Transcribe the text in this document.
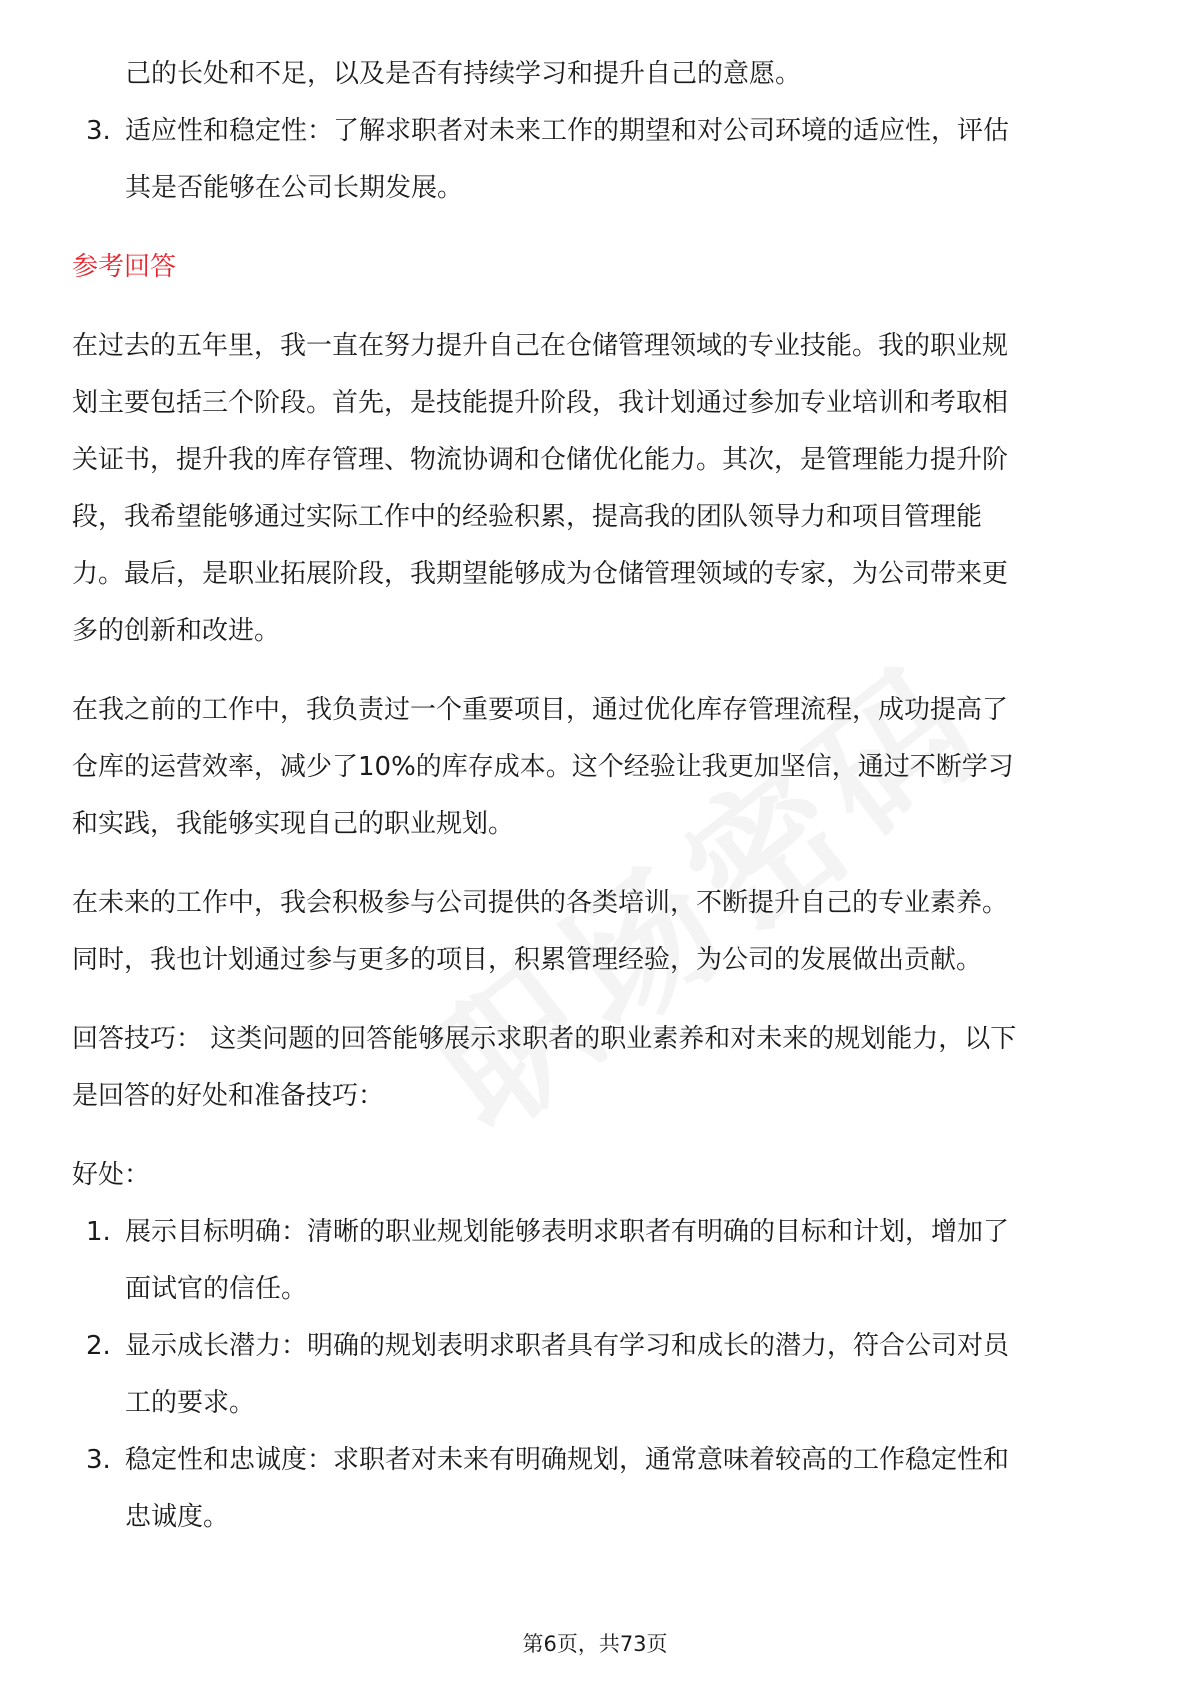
己的长处和不足，以及是否有持续学习和提升自己的意愿。

3. 适应性和稳定性：了解求职者对未来工作的期望和对公司环境的适应性，评估

其是否能够在公司长期发展。

参考回答

在过去的五年里，我一直在努力提升自己在仓储管理领域的专业技能。我的职业规
划主要包括三个阶段。首先，是技能提升阶段，我计划通过参加专业培训和考取相
关证书，提升我的库存管理、物流协调和仓储优化能力。其次，是管理能力提升阶
段，我希望能够通过实际工作中的经验积累，提高我的团队领导力和项目管理能
力。最后，是职业拓展阶段，我期望能够成为仓储管理领域的专家，为公司带来更
多的创新和改进。
在我之前的工作中，我负责过一个重要项目，通过优化库存管理流程，成功提高了
仓库的运营效率，减少了10%的库存成本。这个经验让我更加坚信，通过不断学习
和实践，我能够实现自己的职业规划。
在未来的工作中，我会积极参与公司提供的各类培训，不断提升自己的专业素养。
同时，我也计划通过参与更多的项目，积累管理经验，为公司的发展做出贡献。
回答技巧： 这类问题的回答能够展示求职者的职业素养和对未来的规划能力，以下
是回答的好处和准备技巧：

好处：

1. 展示目标明确：清晰的职业规划能够表明求职者有明确的目标和计划，增加了

面试官的信任。

2. 显示成长潜力：明确的规划表明求职者具有学习和成长的潜力，符合公司对员

工的要求。

3. 稳定性和忠诚度：求职者对未来有明确规划，通常意味着较高的工作稳定性和

忠诚度。

第6页，共73页
